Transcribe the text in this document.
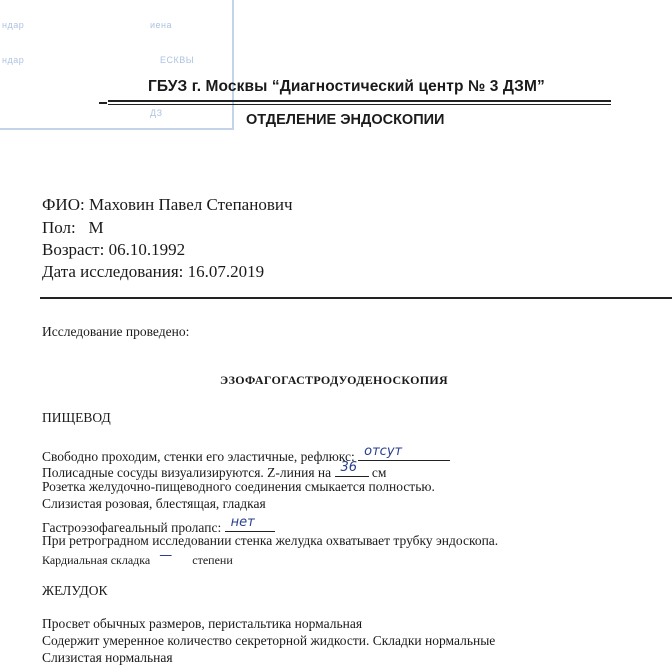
ндар	иена
ЕСКВЫ
ндар
ДЗ
ГБУЗ г. Москвы “Диагностический центр № 3 ДЗМ”
ОТДЕЛЕНИЕ ЭНДОСКОПИИ
ФИО: Маховин Павел Степанович
Пол: М
Возраст: 06.10.1992
Дата исследования: 16.07.2019
Исследование проведено:
ЭЗОФАГОГАСТРОДУОДЕНОСКОПИЯ
ПИЩЕВОД
Свободно проходим, стенки его эластичные, рефлюкс: отсут
Полисадные сосуды визуализируются. Z-линия на 36 см
Розетка желудочно-пищеводного соединения смыкается полностью.
Слизистая розовая, блестящая, гладкая
Гастроэзофагеальный пролапс: нет
При ретроградном исследовании стенка желудка охватывает трубку эндоскопа.
Кардиальная складка — степени
ЖЕЛУДОК
Просвет обычных размеров, перистальтика нормальная
Содержит умеренное количество секреторной жидкости. Складки нормальные
Слизистая нормальная
